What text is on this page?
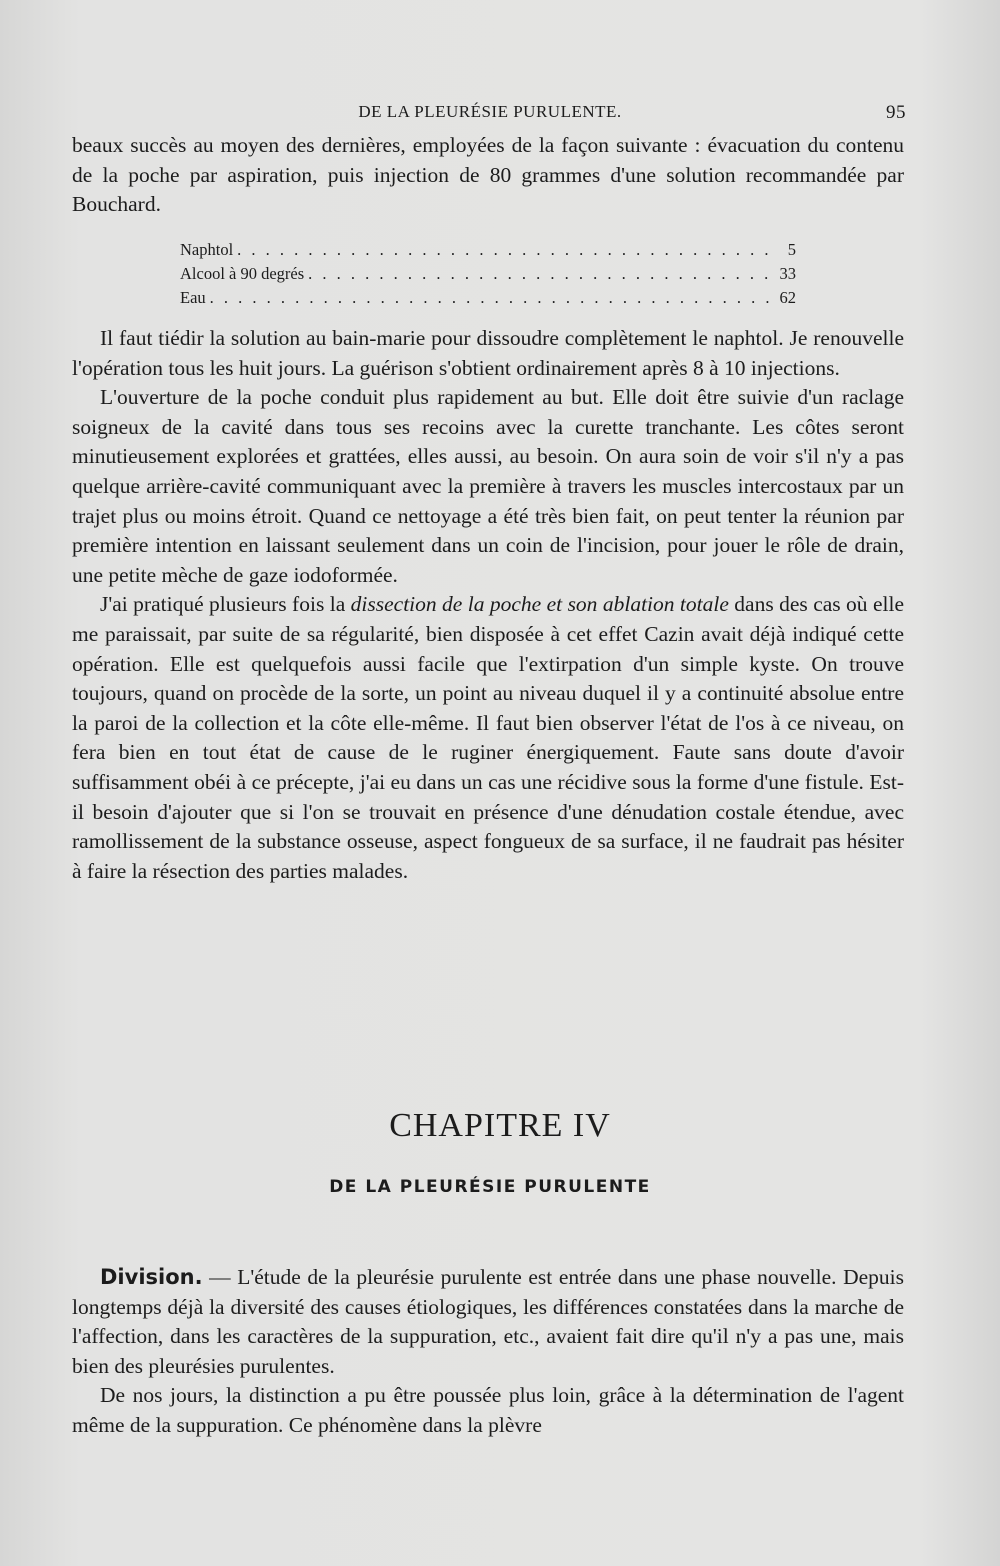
DE LA PLEURÉSIE PURULENTE.	95

beaux succès au moyen des dernières, employées de la façon suivante : évacuation du contenu de la poche par aspiration, puis injection de 80 grammes d'une solution recommandée par Bouchard.

Naphtol . . .	5
Alcool à 90 degrés . . .	33
Eau . . .	62

Il faut tiédir la solution au bain-marie pour dissoudre complètement le naphtol. Je renouvelle l'opération tous les huit jours. La guérison s'obtient ordinairement après 8 à 10 injections.

L'ouverture de la poche conduit plus rapidement au but. Elle doit être suivie d'un raclage soigneux de la cavité dans tous ses recoins avec la curette tranchante. Les côtes seront minutieusement explorées et grattées, elles aussi, au besoin. On aura soin de voir s'il n'y a pas quelque arrière-cavité communiquant avec la première à travers les muscles intercostaux par un trajet plus ou moins étroit. Quand ce nettoyage a été très bien fait, on peut tenter la réunion par première intention en laissant seulement dans un coin de l'incision, pour jouer le rôle de drain, une petite mèche de gaze iodoformée.

J'ai pratiqué plusieurs fois la dissection de la poche et son ablation totale dans des cas où elle me paraissait, par suite de sa régularité, bien disposée à cet effet Cazin avait déjà indiqué cette opération. Elle est quelquefois aussi facile que l'extirpation d'un simple kyste. On trouve toujours, quand on procède de la sorte, un point au niveau duquel il y a continuité absolue entre la paroi de la collection et la côte elle-même. Il faut bien observer l'état de l'os à ce niveau, on fera bien en tout état de cause de le ruginer énergiquement. Faute sans doute d'avoir suffisamment obéi à ce précepte, j'ai eu dans un cas une récidive sous la forme d'une fistule. Est-il besoin d'ajouter que si l'on se trouvait en présence d'une dénudation costale étendue, avec ramollissement de la substance osseuse, aspect fongueux de sa surface, il ne faudrait pas hésiter à faire la résection des parties malades.

CHAPITRE IV
DE LA PLEURÉSIE PURULENTE

Division. — L'étude de la pleurésie purulente est entrée dans une phase nouvelle. Depuis longtemps déjà la diversité des causes étiologiques, les différences constatées dans la marche de l'affection, dans les caractères de la suppuration, etc., avaient fait dire qu'il n'y a pas une, mais bien des pleurésies purulentes.

De nos jours, la distinction a pu être poussée plus loin, grâce à la détermination de l'agent même de la suppuration. Ce phénomène dans la plèvre
